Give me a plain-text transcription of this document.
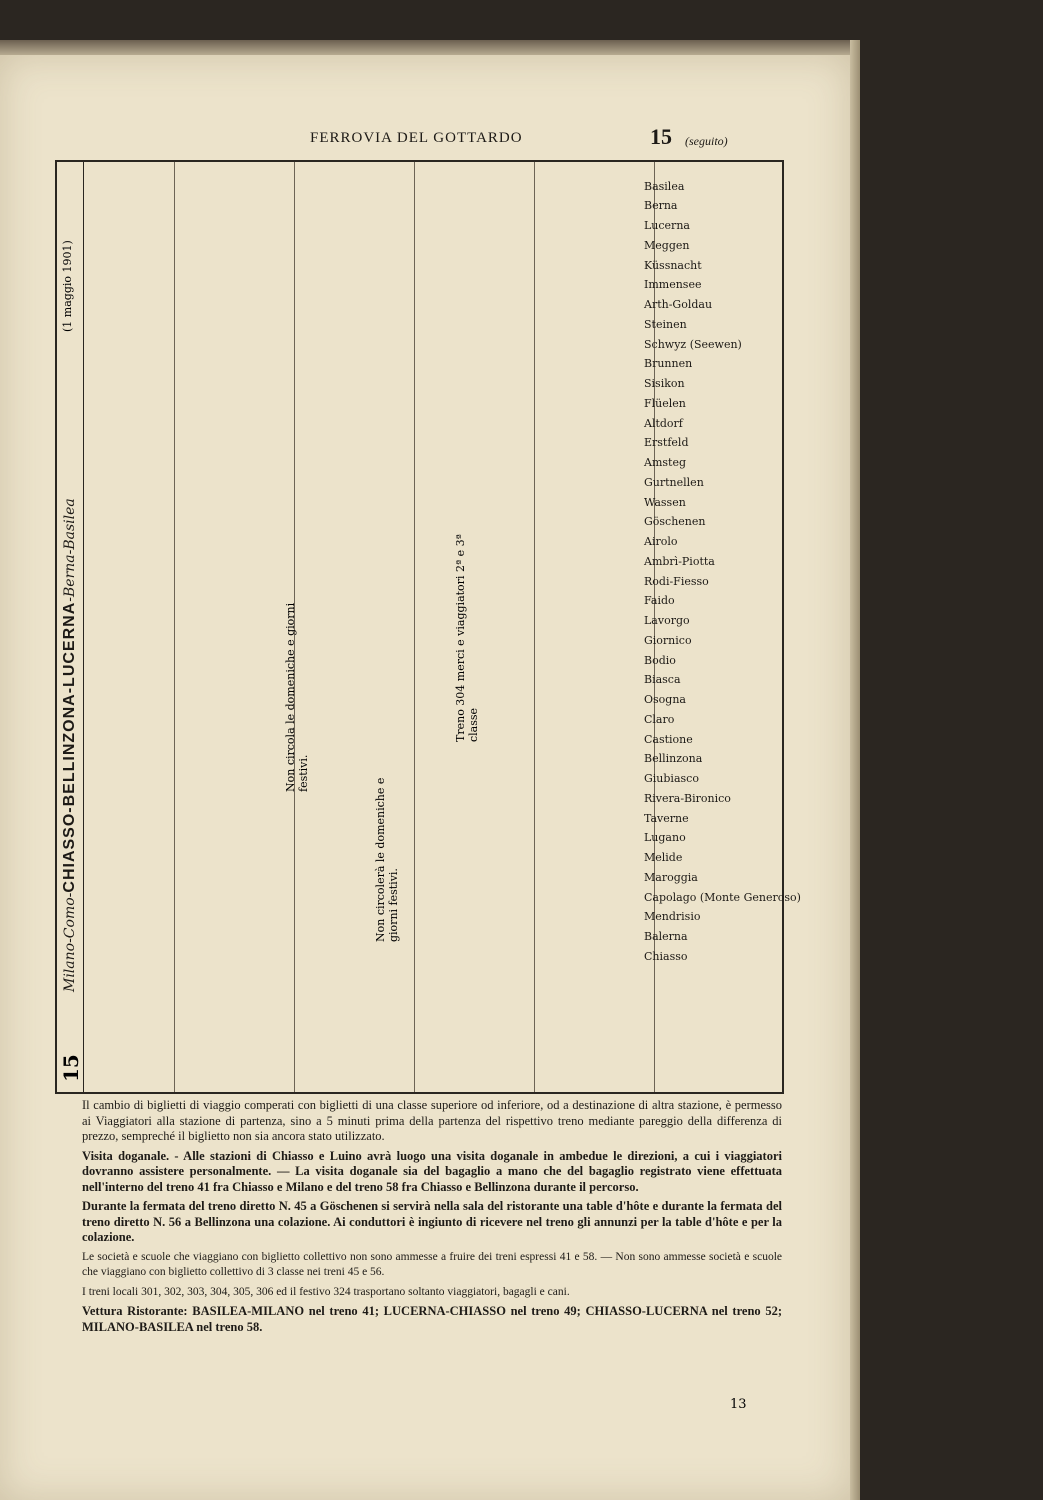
FERROVIA DEL GOTTARDO	15 (seguito)
15
Milano-Como-CHIASSO-BELLINZONA-LUCERNA-Berna-Basilea
(1 maggio 1901)
Chiasso
Balerna
Mendrisio
Capolago (Monte Generoso)
Maroggia
Melide
Lugano
Taverne
Rivera-Bironico
Giubiasco
Bellinzona
Castione
Claro
Osogna
Biasca
Bodio
Giornico
Lavorgo
Faido
Rodi-Fiesso
Ambrì-Piotta
Airolo
Göschenen
Wassen
Gurtnellen
Amsteg
Erstfeld
Altdorf
Flüelen
Sisikon
Brunnen
Schwyz (Seewen)
Steinen
Arth-Goldau
Immensee
Küssnacht
Meggen
Lucerna
Berna
Basilea
Non circolerà le domeniche e giorni festivi.
Non circola le domeniche e giorni festivi.
Treno 304 merci e viaggiatori 2ª e 3ª classe

Il cambio di biglietti di viaggio comperati con biglietti di una classe superiore od inferiore, od a destinazione di altra stazione, è permesso ai Viaggiatori alla stazione di partenza, sino a 5 minuti prima della partenza del rispettivo treno mediante pareggio della differenza di prezzo, sempreché il biglietto non sia ancora stato utilizzato.

Visita doganale. - Alle stazioni di Chiasso e Luino avrà luogo una visita doganale in ambedue le direzioni, a cui i viaggiatori dovranno assistere personalmente. — La visita doganale sia del bagaglio a mano che del bagaglio registrato viene effettuata nell'interno del treno 41 fra Chiasso e Milano e del treno 58 fra Chiasso e Bellinzona durante il percorso.

Durante la fermata del treno diretto N. 45 a Göschenen si servirà nella sala del ristorante una table d'hôte e durante la fermata del treno diretto N. 56 a Bellinzona una colazione. Ai conduttori è ingiunto di ricevere nel treno gli annunzi per la table d'hôte e per la colazione.

Le società e scuole che viaggiano con biglietto collettivo non sono ammesse a fruire dei treni espressi 41 e 58. — Non sono ammesse società e scuole che viaggiano con biglietto collettivo di 3 classe nei treni 45 e 56.

I treni locali 301, 302, 303, 304, 305, 306 ed il festivo 324 trasportano soltanto viaggiatori, bagagli e cani.

Vettura Ristorante: BASILEA-MILANO nel treno 41; LUCERNA-CHIASSO nel treno 49; CHIASSO-LUCERNA nel treno 52; MILANO-BASILEA nel treno 58.

13
